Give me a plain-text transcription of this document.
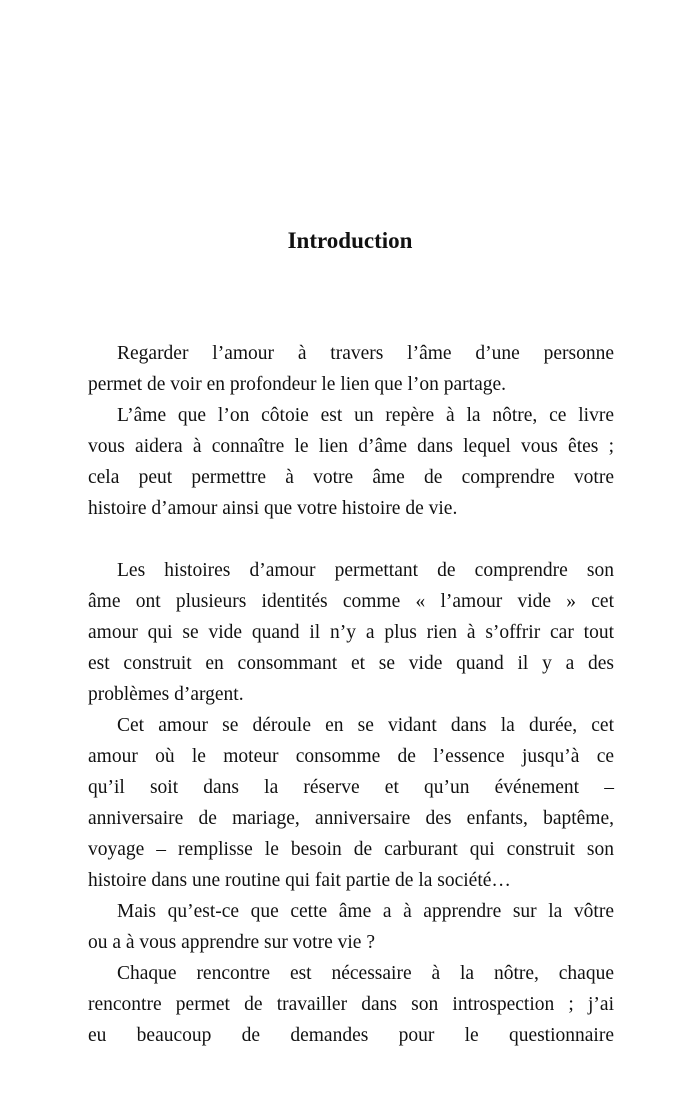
Introduction
Regarder l’amour à travers l’âme d’une personne
permet de voir en profondeur le lien que l’on partage.
L’âme que l’on côtoie est un repère à la nôtre, ce livre
vous aidera à connaître le lien d’âme dans lequel vous êtes ;
cela peut permettre à votre âme de comprendre votre
histoire d’amour ainsi que votre histoire de vie.
Les histoires d’amour permettant de comprendre son
âme ont plusieurs identités comme « l’amour vide » cet
amour qui se vide quand il n’y a plus rien à s’offrir car tout
est construit en consommant et se vide quand il y a des
problèmes d’argent.
Cet amour se déroule en se vidant dans la durée, cet
amour où le moteur consomme de l’essence jusqu’à ce
qu’il soit dans la réserve et qu’un événement –
anniversaire de mariage, anniversaire des enfants, baptême,
voyage – remplisse le besoin de carburant qui construit son
histoire dans une routine qui fait partie de la société…
Mais qu’est-ce que cette âme a à apprendre sur la vôtre
ou a à vous apprendre sur votre vie ?
Chaque rencontre est nécessaire à la nôtre, chaque
rencontre permet de travailler dans son introspection ; j’ai
eu beaucoup de demandes pour le questionnaire
